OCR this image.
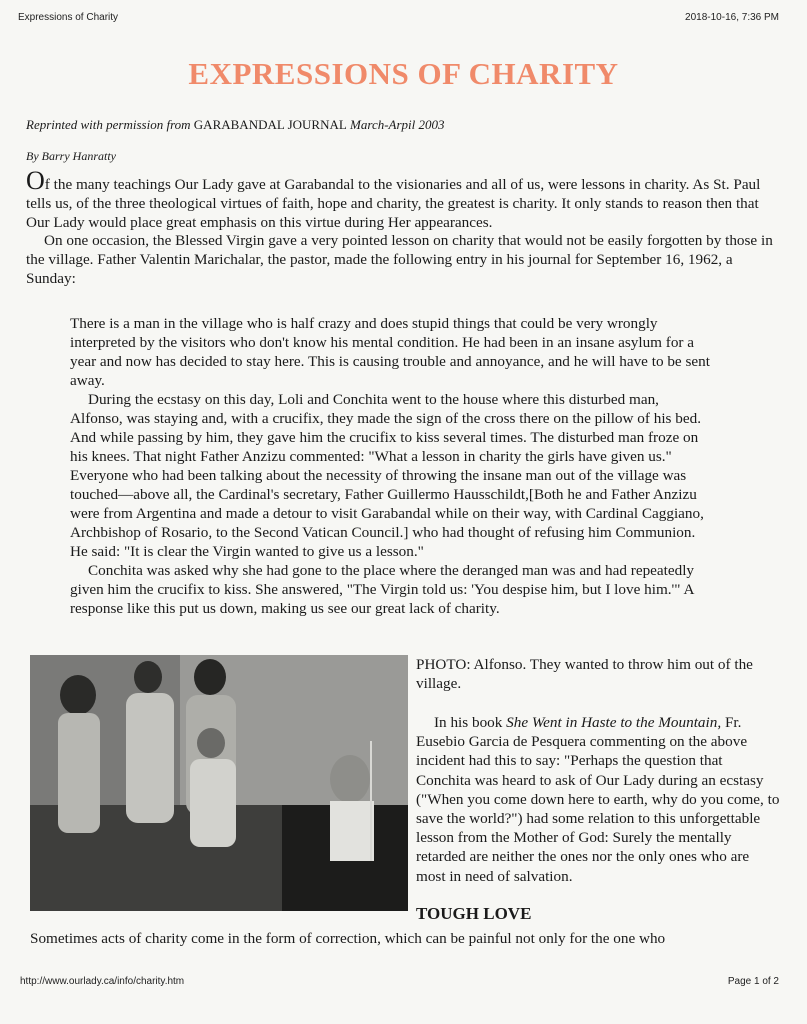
Expressions of Charity	2018-10-16, 7:36 PM
EXPRESSIONS OF CHARITY
Reprinted with permission from GARABANDAL JOURNAL March-Arpil 2003
By Barry Hanratty

Of the many teachings Our Lady gave at Garabandal to the visionaries and all of us, were lessons in charity. As St. Paul tells us, of the three theological virtues of faith, hope and charity, the greatest is charity. It only stands to reason then that Our Lady would place great emphasis on this virtue during Her appearances.

On one occasion, the Blessed Virgin gave a very pointed lesson on charity that would not be easily forgotten by those in the village. Father Valentin Marichalar, the pastor, made the following entry in his journal for September 16, 1962, a Sunday:

There is a man in the village who is half crazy and does stupid things that could be very wrongly interpreted by the visitors who don't know his mental condition. He had been in an insane asylum for a year and now has decided to stay here. This is causing trouble and annoyance, and he will have to be sent away.

During the ecstasy on this day, Loli and Conchita went to the house where this disturbed man, Alfonso, was staying and, with a crucifix, they made the sign of the cross there on the pillow of his bed. And while passing by him, they gave him the crucifix to kiss several times. The disturbed man froze on his knees. That night Father Anzizu commented: "What a lesson in charity the girls have given us." Everyone who had been talking about the necessity of throwing the insane man out of the village was touched—above all, the Cardinal's secretary, Father Guillermo Hausschildt,[Both he and Father Anzizu were from Argentina and made a detour to visit Garabandal while on their way, with Cardinal Caggiano, Archbishop of Rosario, to the Second Vatican Council.] who had thought of refusing him Communion. He said: "It is clear the Virgin wanted to give us a lesson."

Conchita was asked why she had gone to the place where the deranged man was and had repeatedly given him the crucifix to kiss. She answered, "The Virgin told us: 'You despise him, but I love him.'" A response like this put us down, making us see our great lack of charity.

PHOTO: Alfonso. They wanted to throw him out of the village.

In his book She Went in Haste to the Mountain, Fr. Eusebio Garcia de Pesquera commenting on the above incident had this to say: "Perhaps the question that Conchita was heard to ask of Our Lady during an ecstasy ("When you come down here to earth, why do you come, to save the world?") had some relation to this unforgettable lesson from the Mother of God: Surely the mentally retarded are neither the ones nor the only ones who are most in need of salvation.

TOUGH LOVE
Sometimes acts of charity come in the form of correction, which can be painful not only for the one who
http://www.ourlady.ca/info/charity.htm	Page 1 of 2
